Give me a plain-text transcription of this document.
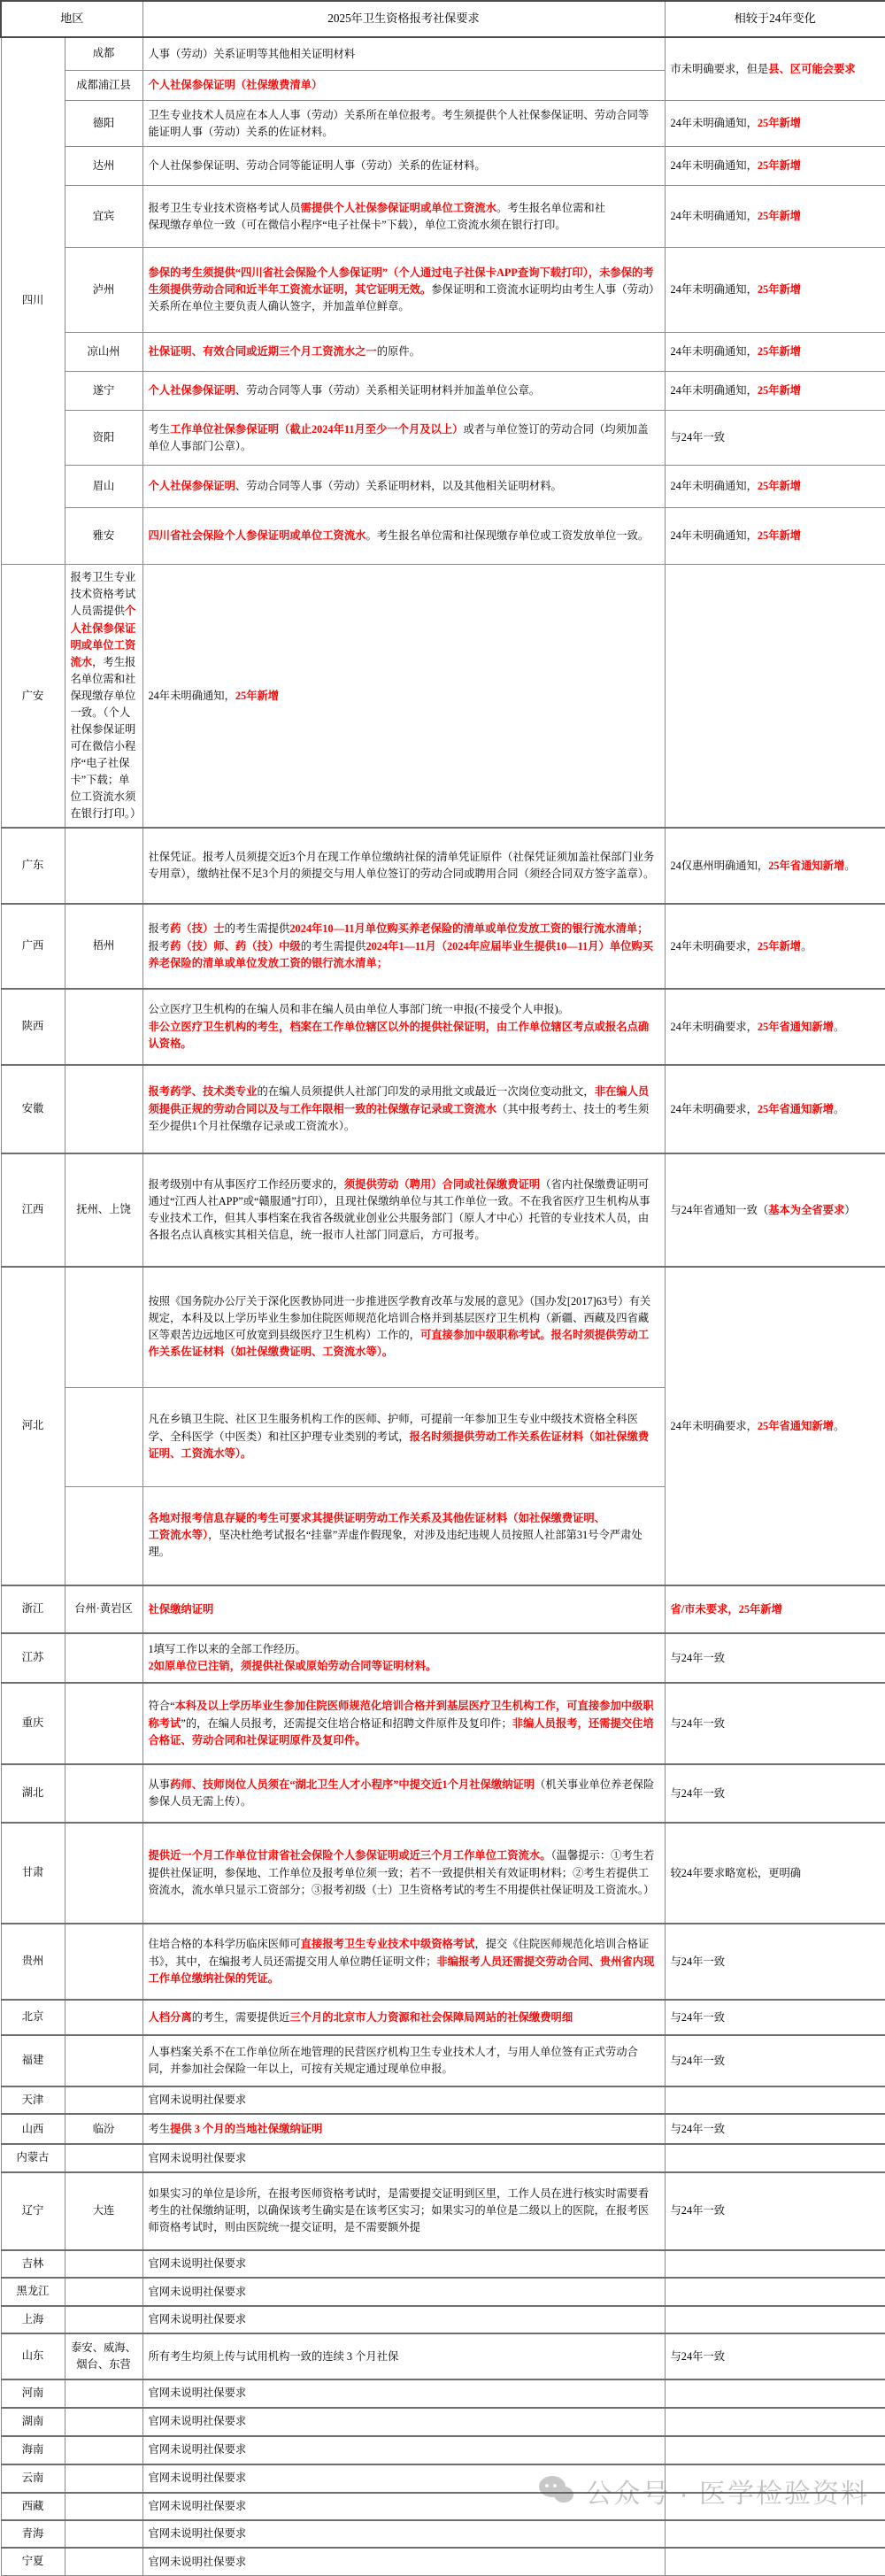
地区		2025年卫生资格报考社保要求	相较于24年变化
四川	成都	人事（劳动）关系证明等其他相关证明材料	市未明确要求，但是县、区可能会要求
	成都浦江县	个人社保参保证明（社保缴费清单）	
	德阳	卫生专业技术人员应在本人人事（劳动）关系所在单位报考。考生须提供个人社保参保证明、劳动合同等能证明人事（劳动）关系的佐证材料。	24年未明确通知，25年新增
	达州	个人社保参保证明、劳动合同等能证明人事（劳动）关系的佐证材料。	24年未明确通知，25年新增
	宜宾	报考卫生专业技术资格考试人员需提供个人社保参保证明或单位工资流水。考生报名单位需和社
保现缴存单位一致（可在微信小程序“电子社保卡”下载），单位工资流水须在银行打印。	24年未明确通知，25年新增
	泸州	参保的考生须提供“四川省社会保险个人参保证明”（个人通过电子社保卡APP查询下载打印），未参保的考生须提供劳动合同和近半年工资流水证明，其它证明无效。参保证明和工资流水证明均由考生人事（劳动）关系所在单位主要负责人确认签字，并加盖单位鲜章。	24年未明确通知，25年新增
	凉山州	社保证明、有效合同或近期三个月工资流水之一的原件。	24年未明确通知，25年新增
	遂宁	个人社保参保证明、劳动合同等人事（劳动）关系相关证明材料并加盖单位公章。	24年未明确通知，25年新增
	资阳	考生工作单位社保参保证明（截止2024年11月至少一个月及以上）或者与单位签订的劳动合同（均须加盖单位人事部门公章）。	与24年一致
	眉山	个人社保参保证明、劳动合同等人事（劳动）关系证明材料，以及其他相关证明材料。	24年未明确通知，25年新增
	雅安	四川省社会保险个人参保证明或单位工资流水。考生报名单位需和社保现缴存单位或工资发放单位一致。	24年未明确通知，25年新增
广安	报考卫生专业技术资格考试人员需提供个人社保参保证明或单位工资流水，考生报名单位需和社保现缴存单位一致。（个人社保参保证明可在微信小程序“电子社保卡”下载；单位工资流水须在银行打印。）	24年未明确通知，25年新增	
广东		社保凭证。报考人员须提交近3个月在现工作单位缴纳社保的清单凭证原件（社保凭证须加盖社保部门业务专用章），缴纳社保不足3个月的须提交与用人单位签订的劳动合同或聘用合同（须经合同双方签字盖章）。	24仅惠州明确通知，25年省通知新增。
广西	梧州	报考药（技）士的考生需提供2024年10—11月单位购买养老保险的清单或单位发放工资的银行流水清单；报考药（技）师、药（技）中级的考生需提供2024年1—11月（2024年应届毕业生提供10—11月）单位购买养老保险的清单或单位发放工资的银行流水清单；	24年未明确要求，25年新增。
陕西		公立医疗卫生机构的在编人员和非在编人员由单位人事部门统一申报(不接受个人申报)。
非公立医疗卫生机构的考生，档案在工作单位辖区以外的提供社保证明，由工作单位辖区考点或报名点确认资格。	24年未明确要求，25年省通知新增。
安徽		报考药学、技术类专业的在编人员须提供人社部门印发的录用批文或最近一次岗位变动批文，非在编人员须提供正规的劳动合同以及与工作年限相一致的社保缴存记录或工资流水（其中报考药士、技士的考生须至少提供1个月社保缴存记录或工资流水）。	24年未明确要求，25年省通知新增。
江西	抚州、上饶	报考级别中有从事医疗工作经历要求的，须提供劳动（聘用）合同或社保缴费证明（省内社保缴费证明可通过“江西人社APP”或“赣服通”打印），且现社保缴纳单位与其工作单位一致。不在我省医疗卫生机构从事专业技术工作，但其人事档案在我省各级就业创业公共服务部门（原人才中心）托管的专业技术人员，由各报名点认真核实其相关信息，统一报市人社部门同意后，方可报考。	与24年省通知一致（基本为全省要求）
河北		按照《国务院办公厅关于深化医教协同进一步推进医学教育改革与发展的意见》（国办发[2017]63号）有关规定，本科及以上学历毕业生参加住院医师规范化培训合格并到基层医疗卫生机构（新疆、西藏及四省藏区等艰苦边远地区可放宽到县级医疗卫生机构）工作的，可直接参加中级职称考试。报名时须提供劳动工作关系佐证材料（如社保缴费证明、工资流水等）。	24年未明确要求，25年省通知新增。
		凡在乡镇卫生院、社区卫生服务机构工作的医师、护师，可提前一年参加卫生专业中级技术资格全科医学、全科医学（中医类）和社区护理专业类别的考试，报名时须提供劳动工作关系佐证材料（如社保缴费证明、工资流水等）。	
		各地对报考信息存疑的考生可要求其提供证明劳动工作关系及其他佐证材料（如社保缴费证明、
工资流水等），坚决杜绝考试报名“挂靠”弄虚作假现象，对涉及违纪违规人员按照人社部第31号令严肃处理。	
浙江	台州·黄岩区	社保缴纳证明	省/市未要求，25年新增
江苏		1填写工作以来的全部工作经历。
2如原单位已注销，须提供社保或原始劳动合同等证明材料。	与24年一致
重庆		符合“本科及以上学历毕业生参加住院医师规范化培训合格并到基层医疗卫生机构工作，可直接参加中级职称考试”的，在编人员报考，还需提交住培合格证和招聘文件原件及复印件；非编人员报考，还需提交住培合格证、劳动合同和社保证明原件及复印件。	与24年一致
湖北		从事药师、技师岗位人员须在“湖北卫生人才小程序”中提交近1个月社保缴纳证明（机关事业单位养老保险参保人员无需上传）。	与24年一致
甘肃		提供近一个月工作单位甘肃省社会保险个人参保证明或近三个月工作单位工资流水。（温馨提示：①考生若提供社保证明，参保地、工作单位及报考单位须一致；若不一致提供相关有效证明材料；②考生若提供工资流水，流水单只显示工资部分；③报考初级（士）卫生资格考试的考生不用提供社保证明及工资流水。）	较24年要求略宽松，更明确
贵州		住培合格的本科学历临床医师可直接报考卫生专业技术中级资格考试，提交《住院医师规范化培训合格证书》，其中，在编报考人员还需提交用人单位聘任证明文件；非编报考人员还需提交劳动合同、贵州省内现工作单位缴纳社保的凭证。	与24年一致
北京		人档分离的考生，需要提供近三个月的北京市人力资源和社会保障局网站的社保缴费明细	与24年一致
福建		人事档案关系不在工作单位所在地管理的民营医疗机构卫生专业技术人才，与用人单位签有正式劳动合同，并参加社会保险一年以上，可按有关规定通过现单位申报。	与24年一致
天津		官网未说明社保要求	
山西	临汾	考生提供 3 个月的当地社保缴纳证明	与24年一致
内蒙古		官网未说明社保要求	
辽宁	大连	如果实习的单位是诊所，在报考医师资格考试时，是需要提交证明到区里，工作人员在进行核实时需要看考生的社保缴纳证明，以确保该考生确实是在该考区实习；如果实习的单位是二级以上的医院，在报考医师资格考试时，则由医院统一提交证明，是不需要额外提	与24年一致
吉林		官网未说明社保要求	
黑龙江		官网未说明社保要求	
上海		官网未说明社保要求	
山东	泰安、威海、烟台、东营	所有考生均须上传与试用机构一致的连续 3 个月社保	与24年一致
河南		官网未说明社保要求	
湖南		官网未说明社保要求	
海南		官网未说明社保要求	
云南		官网未说明社保要求	
西藏		官网未说明社保要求	
青海		官网未说明社保要求	
宁夏		官网未说明社保要求	
公众号 · 医学检验资料
